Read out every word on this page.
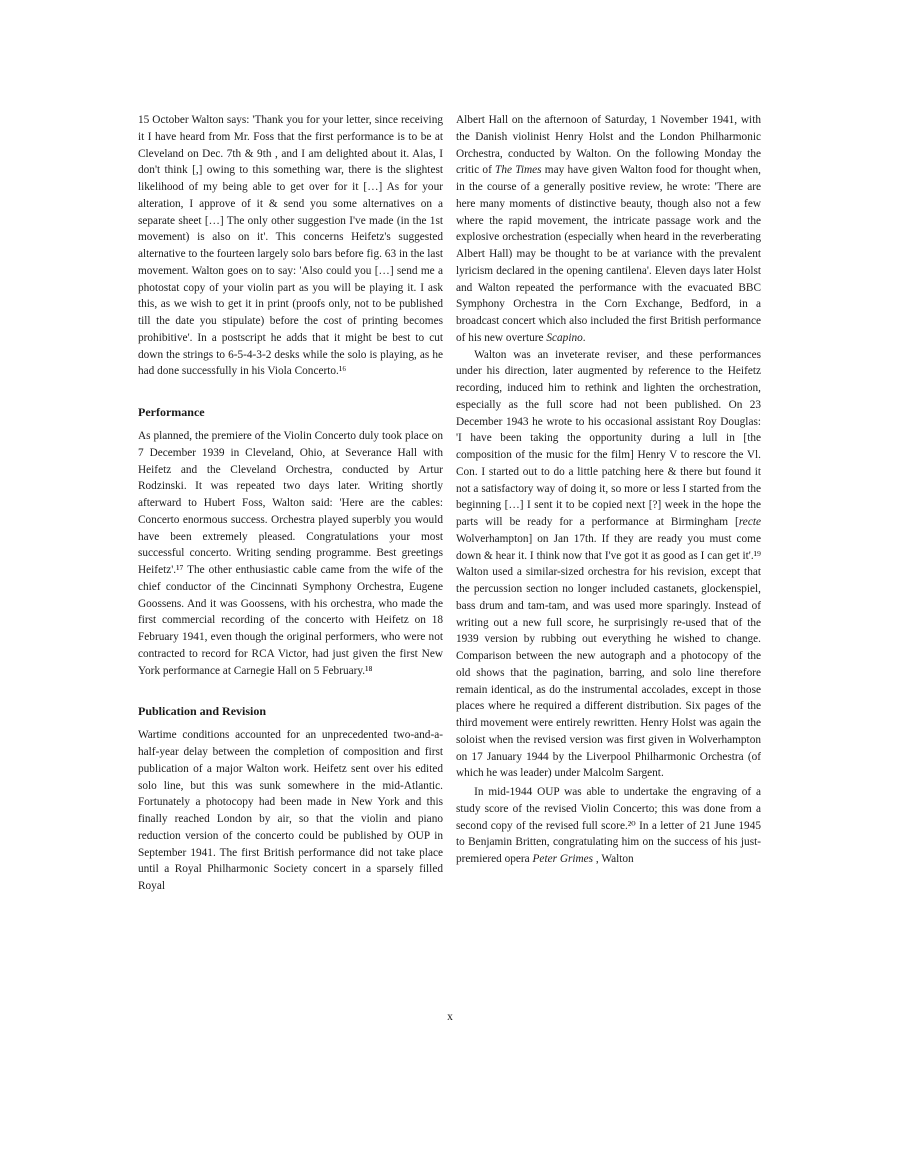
15 October Walton says: 'Thank you for your letter, since receiving it I have heard from Mr. Foss that the first performance is to be at Cleveland on Dec. 7th & 9th , and I am delighted about it. Alas, I don't think [,] owing to this something war, there is the slightest likelihood of my being able to get over for it […] As for your alteration, I approve of it & send you some alternatives on a separate sheet […] The only other suggestion I've made (in the 1st movement) is also on it'. This concerns Heifetz's suggested alternative to the fourteen largely solo bars before fig. 63 in the last movement. Walton goes on to say: 'Also could you […] send me a photostat copy of your violin part as you will be playing it. I ask this, as we wish to get it in print (proofs only, not to be published till the date you stipulate) before the cost of printing becomes prohibitive'. In a postscript he adds that it might be best to cut down the strings to 6-5-4-3-2 desks while the solo is playing, as he had done successfully in his Viola Concerto.¹⁶

Performance

As planned, the premiere of the Violin Concerto duly took place on 7 December 1939 in Cleveland, Ohio, at Severance Hall with Heifetz and the Cleveland Orchestra, conducted by Artur Rodzinski. It was repeated two days later. Writing shortly afterward to Hubert Foss, Walton said: 'Here are the cables: Concerto enormous success. Orchestra played superbly you would have been extremely pleased. Congratulations your most successful concerto. Writing sending programme. Best greetings Heifetz'.¹⁷ The other enthusiastic cable came from the wife of the chief conductor of the Cincinnati Symphony Orchestra, Eugene Goossens. And it was Goossens, with his orchestra, who made the first commercial recording of the concerto with Heifetz on 18 February 1941, even though the original performers, who were not contracted to record for RCA Victor, had just given the first New York performance at Carnegie Hall on 5 February.¹⁸

Publication and Revision

Wartime conditions accounted for an unprecedented two-and-a-half-year delay between the completion of composition and first publication of a major Walton work. Heifetz sent over his edited solo line, but this was sunk somewhere in the mid-Atlantic. Fortunately a photocopy had been made in New York and this finally reached London by air, so that the violin and piano reduction version of the concerto could be published by OUP in September 1941. The first British performance did not take place until a Royal Philharmonic Society concert in a sparsely filled Royal

Albert Hall on the afternoon of Saturday, 1 November 1941, with the Danish violinist Henry Holst and the London Philharmonic Orchestra, conducted by Walton. On the following Monday the critic of The Times may have given Walton food for thought when, in the course of a generally positive review, he wrote: 'There are here many moments of distinctive beauty, though also not a few where the rapid movement, the intricate passage work and the explosive orchestration (especially when heard in the reverberating Albert Hall) may be thought to be at variance with the prevalent lyricism declared in the opening cantilena'. Eleven days later Holst and Walton repeated the performance with the evacuated BBC Symphony Orchestra in the Corn Exchange, Bedford, in a broadcast concert which also included the first British performance of his new overture Scapino.

Walton was an inveterate reviser, and these performances under his direction, later augmented by reference to the Heifetz recording, induced him to rethink and lighten the orchestration, especially as the full score had not been published. On 23 December 1943 he wrote to his occasional assistant Roy Douglas: 'I have been taking the opportunity during a lull in [the composition of the music for the film] Henry V to rescore the Vl. Con. I started out to do a little patching here & there but found it not a satisfactory way of doing it, so more or less I started from the beginning […] I sent it to be copied next [?] week in the hope the parts will be ready for a performance at Birmingham [recte Wolverhampton] on Jan 17th. If they are ready you must come down & hear it. I think now that I've got it as good as I can get it'.¹⁹ Walton used a similar-sized orchestra for his revision, except that the percussion section no longer included castanets, glockenspiel, bass drum and tam-tam, and was used more sparingly. Instead of writing out a new full score, he surprisingly re-used that of the 1939 version by rubbing out everything he wished to change. Comparison between the new autograph and a photocopy of the old shows that the pagination, barring, and solo line therefore remain identical, as do the instrumental accolades, except in those places where he required a different distribution. Six pages of the third movement were entirely rewritten. Henry Holst was again the soloist when the revised version was first given in Wolverhampton on 17 January 1944 by the Liverpool Philharmonic Orchestra (of which he was leader) under Malcolm Sargent.

In mid-1944 OUP was able to undertake the engraving of a study score of the revised Violin Concerto; this was done from a second copy of the revised full score.²⁰ In a letter of 21 June 1945 to Benjamin Britten, congratulating him on the success of his just-premiered opera Peter Grimes , Walton

x
